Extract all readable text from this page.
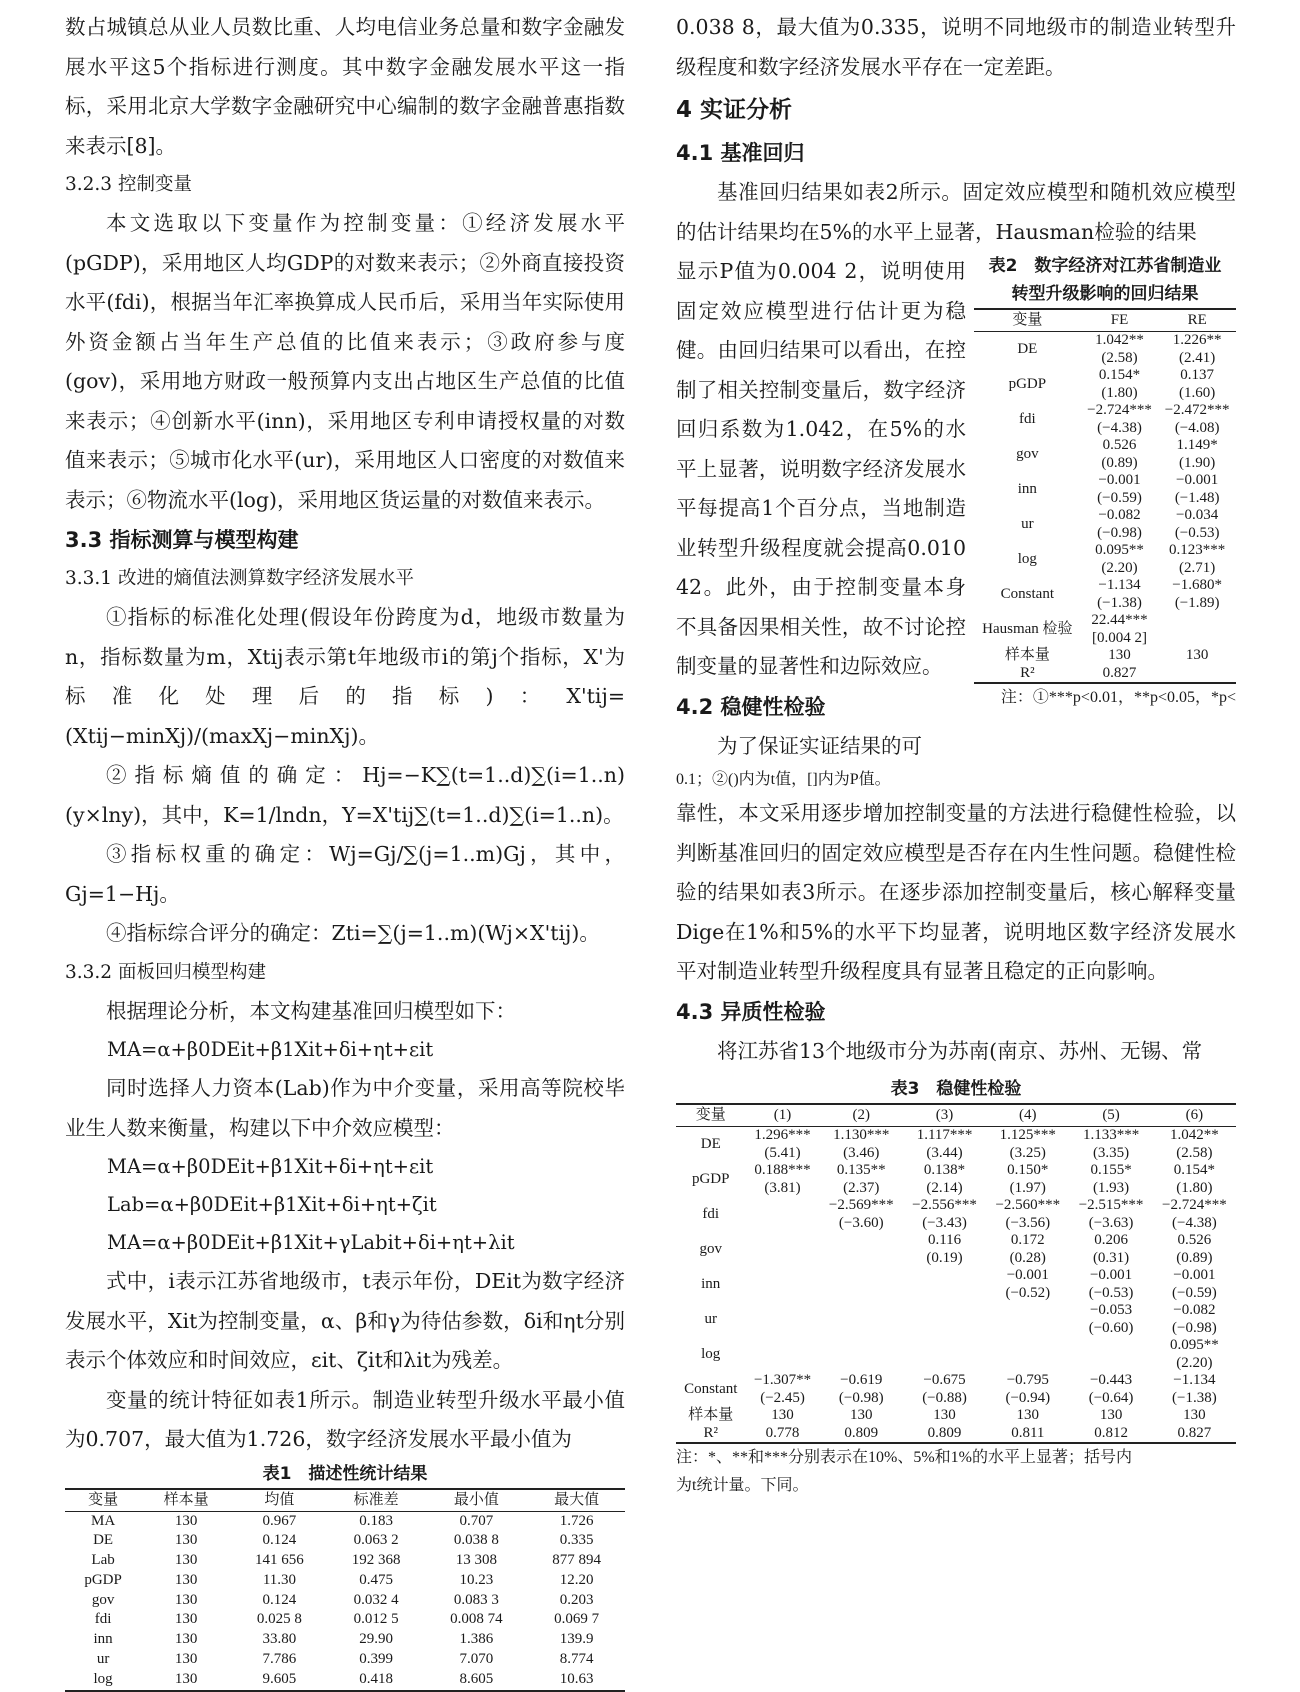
数占城镇总从业人员数比重、人均电信业务总量和数字金融发展水平这5个指标进行测度。其中数字金融发展水平这一指标，采用北京大学数字金融研究中心编制的数字金融普惠指数来表示[8]。

3.2.3 控制变量

本文选取以下变量作为控制变量：①经济发展水平(pGDP)，采用地区人均GDP的对数来表示；②外商直接投资水平(fdi)，根据当年汇率换算成人民币后，采用当年实际使用外资金额占当年生产总值的比值来表示；③政府参与度(gov)，采用地方财政一般预算内支出占地区生产总值的比值来表示；④创新水平(inn)，采用地区专利申请授权量的对数值来表示；⑤城市化水平(ur)，采用地区人口密度的对数值来表示；⑥物流水平(log)，采用地区货运量的对数值来表示。

3.3 指标测算与模型构建

3.3.1 改进的熵值法测算数字经济发展水平

①指标的标准化处理(假设年份跨度为d，地级市数量为n，指标数量为m，Xtij表示第t年地级市i的第j个指标，X'为标准化处理后的指标)：X'tij=(Xtij−minXj)/(maxXj−minXj)。

②指标熵值的确定：Hj=−K∑(t=1..d)∑(i=1..n)(y×lny)，其中，K=1/lndn，Y=X'tij∑(t=1..d)∑(i=1..n)。

③指标权重的确定：Wj=Gj/∑(j=1..m)Gj，其中，Gj=1−Hj。

④指标综合评分的确定：Zti=∑(j=1..m)(Wj×X'tij)。

3.3.2 面板回归模型构建

根据理论分析，本文构建基准回归模型如下：

MA=α+β0DEit+β1Xit+δi+ηt+εit

同时选择人力资本(Lab)作为中介变量，采用高等院校毕业生人数来衡量，构建以下中介效应模型：

MA=α+β0DEit+β1Xit+δi+ηt+εit

Lab=α+β0DEit+β1Xit+δi+ηt+ζit

MA=α+β0DEit+β1Xit+γLabit+δi+ηt+λit

式中，i表示江苏省地级市，t表示年份，DEit为数字经济发展水平，Xit为控制变量，α、β和γ为待估参数，δi和ηt分别表示个体效应和时间效应，εit、ζit和λit为残差。

变量的统计特征如表1所示。制造业转型升级水平最小值为0.707，最大值为1.726，数字经济发展水平最小值为

表1　描述性统计结果

变量	样本量	均值	标准差	最小值	最大值
MA	130	0.967	0.183	0.707	1.726
DE	130	0.124	0.063 2	0.038 8	0.335
Lab	130	141 656	192 368	13 308	877 894
pGDP	130	11.30	0.475	10.23	12.20
gov	130	0.124	0.032 4	0.083 3	0.203
fdi	130	0.025 8	0.012 5	0.008 74	0.069 7
inn	130	33.80	29.90	1.386	139.9
ur	130	7.786	0.399	7.070	8.774
log	130	9.605	0.418	8.605	10.63

0.038 8，最大值为0.335，说明不同地级市的制造业转型升级程度和数字经济发展水平存在一定差距。

4 实证分析

4.1 基准回归

基准回归结果如表2所示。固定效应模型和随机效应模型的估计结果均在5%的水平上显著，Hausman检验的结果

表2　数字经济对江苏省制造业

转型升级影响的回归结果

变量	FE	RE
DE	1.042**	1.226**
	(2.58)	(2.41)
pGDP	0.154*	0.137
	(1.80)	(1.60)
fdi	−2.724***	−2.472***
	(−4.38)	(−4.08)
gov	0.526	1.149*
	(0.89)	(1.90)
inn	−0.001	−0.001
	(−0.59)	(−1.48)
ur	−0.082	−0.034
	(−0.98)	(−0.53)
log	0.095**	0.123***
	(2.20)	(2.71)
Constant	−1.134	−1.680*
	(−1.38)	(−1.89)
Hausman 检验	22.44***	
	[0.004 2]	
样本量	130	130
R²	0.827	

注：①***p<0.01，**p<0.05，*p<

显示P值为0.004 2，说明使用固定效应模型进行估计更为稳健。由回归结果可以看出，在控制了相关控制变量后，数字经济回归系数为1.042，在5%的水平上显著，说明数字经济发展水平每提高1个百分点，当地制造业转型升级程度就会提高0.010 42。此外，由于控制变量本身不具备因果相关性，故不讨论控制变量的显著性和边际效应。

4.2 稳健性检验

为了保证实证结果的可

0.1；②()内为t值，[]内为P值。

靠性，本文采用逐步增加控制变量的方法进行稳健性检验，以判断基准回归的固定效应模型是否存在内生性问题。稳健性检验的结果如表3所示。在逐步添加控制变量后，核心解释变量Dige在1%和5%的水平下均显著，说明地区数字经济发展水平对制造业转型升级程度具有显著且稳定的正向影响。

4.3 异质性检验

将江苏省13个地级市分为苏南(南京、苏州、无锡、常

表3　稳健性检验

变量	(1)	(2)	(3)	(4)	(5)	(6)
DE	1.296***	1.130***	1.117***	1.125***	1.133***	1.042**
	(5.41)	(3.46)	(3.44)	(3.25)	(3.35)	(2.58)
pGDP	0.188***	0.135**	0.138*	0.150*	0.155*	0.154*
	(3.81)	(2.37)	(2.14)	(1.97)	(1.93)	(1.80)
fdi		−2.569***	−2.556***	−2.560***	−2.515***	−2.724***
		(−3.60)	(−3.43)	(−3.56)	(−3.63)	(−4.38)
gov			0.116	0.172	0.206	0.526
			(0.19)	(0.28)	(0.31)	(0.89)
inn				−0.001	−0.001	−0.001
				(−0.52)	(−0.53)	(−0.59)
ur					−0.053	−0.082
					(−0.60)	(−0.98)
log						0.095**
						(2.20)
Constant	−1.307**	−0.619	−0.675	−0.795	−0.443	−1.134
	(−2.45)	(−0.98)	(−0.88)	(−0.94)	(−0.64)	(−1.38)
样本量	130	130	130	130	130	130
R²	0.778	0.809	0.809	0.811	0.812	0.827

注：*、**和***分别表示在10%、5%和1%的水平上显著；括号内

为t统计量。下同。
